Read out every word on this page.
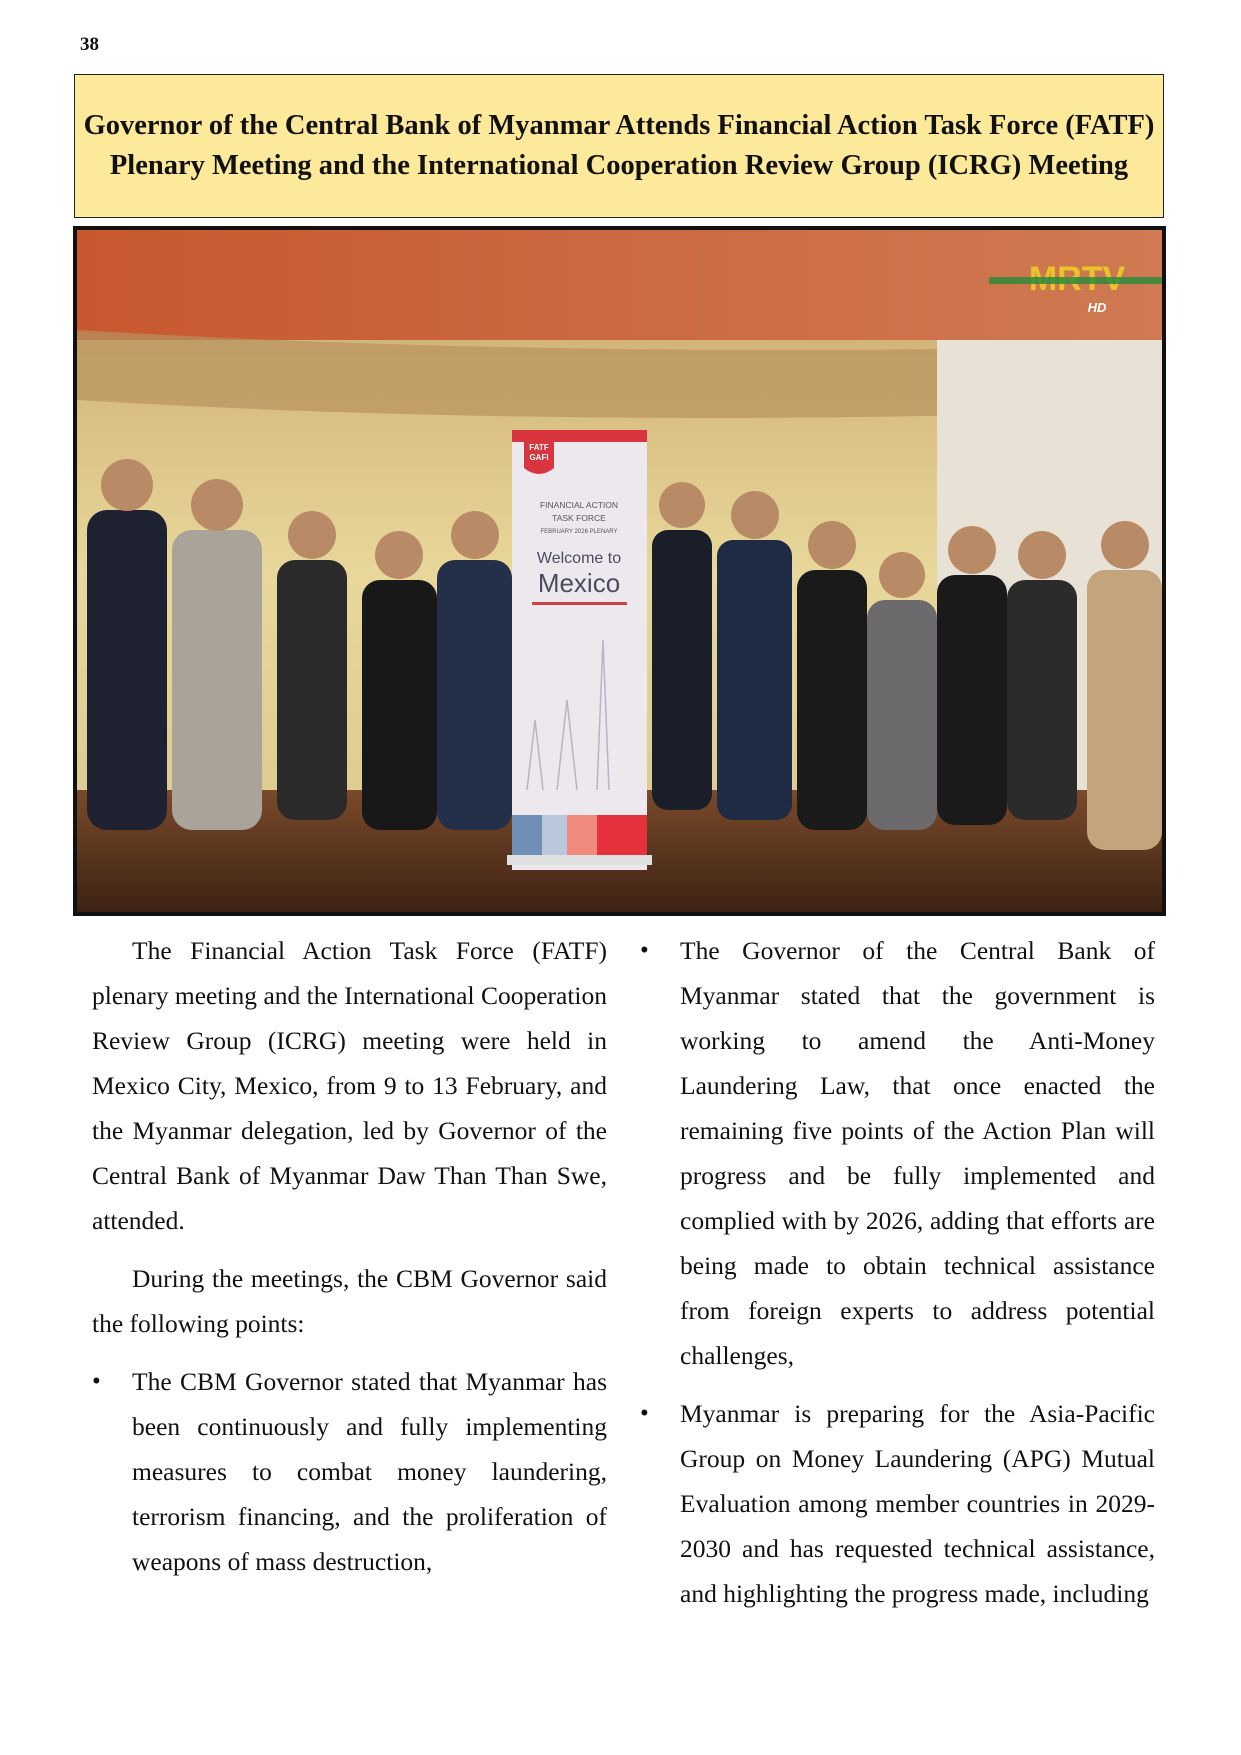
38
Governor of the Central Bank of Myanmar Attends Financial Action Task Force (FATF) Plenary Meeting and the International Cooperation Review Group (ICRG) Meeting
FATF
GAFI
FINANCIAL ACTION
TASK FORCE
FEBRUARY 2026 PLENARY
Welcome to
Mexico
HD

The Financial Action Task Force (FATF) plenary meeting and the International Cooperation Review Group (ICRG) meeting were held in Mexico City, Mexico, from 9 to 13 February, and the Myanmar delegation, led by Governor of the Central Bank of Myanmar Daw Than Than Swe, attended.

During the meetings, the CBM Governor said the following points:

• The CBM Governor stated that Myanmar has been continuously and fully implementing measures to combat money laundering, terrorism financing, and the proliferation of weapons of mass destruction,
• The Governor of the Central Bank of Myanmar stated that the government is working to amend the Anti-Money Laundering Law, that once enacted the remaining five points of the Action Plan will progress and be fully implemented and complied with by 2026, adding that efforts are being made to obtain technical assistance from foreign experts to address potential challenges,
• Myanmar is preparing for the Asia-Pacific Group on Money Laundering (APG) Mutual Evaluation among member countries in 2029-2030 and has requested technical assistance, and highlighting the progress made, including
